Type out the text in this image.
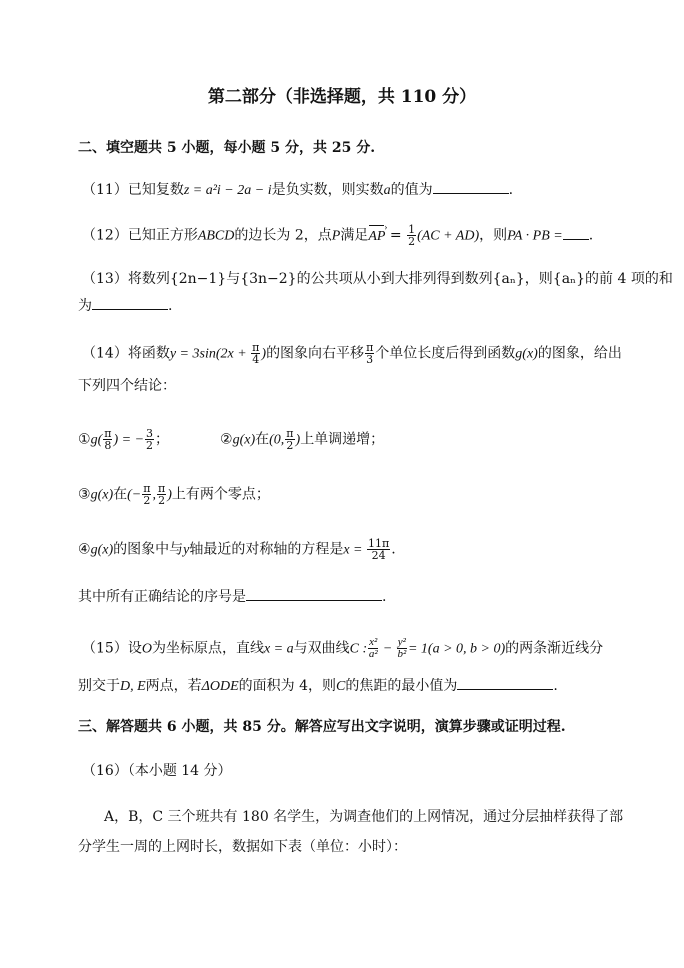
第二部分（非选择题，共 110 分）
二、填空题共 5 小题，每小题 5 分，共 25 分.
（11）已知复数z = a²i − 2a − i是负实数，则实数a的值为	.
（12）已知正方形ABCD的边长为 2，点P满足AP › = $\frac{1}{2} (AC + AD)$，则PA · PB = .
（13）将数列{2n−1}与{3n−2}的公共项从小到大排列得到数列{aₙ}，则{aₙ}的前 4 项的和
为	.
（14）将函数$y = 3\sin(2x + \frac{\pi}{4}$ )的图象向右平移 $\frac{\pi}{3}$ 个单位长度后得到函数g(x)的图象，给出
下列四个结论：
①g( $\frac{\pi}{8}$ ) = − $\frac{3}{2}$ ；	②g(x)在(0, $\frac{\pi}{2}$ )上单调递增；
③g(x)在(− $\frac{\pi}{2}$ , $\frac{\pi}{2}$ )上有两个零点；
④g(x)的图象中与y轴最近的对称轴的方程是$x = \frac{11\pi}{24}$ .
其中所有正确结论的序号是	.
（15）设O为坐标原点，直线x = a与双曲线C : $\frac{\text{x²}}{\text{a²}} - \frac{\text{y²}}{\text{b²}} = 1(a > 0$, b > 0)的两条渐近线分
别交于D, E两点，若ΔODE的面积为 4，则C的焦距的最小值为	.
三、解答题共 6 小题，共 85 分。解答应写出文字说明，演算步骤或证明过程.
（16）（本小题 14 分）
A，B，C 三个班共有 180 名学生，为调查他们的上网情况，通过分层抽样获得了部
分学生一周的上网时长，数据如下表（单位：小时）：
